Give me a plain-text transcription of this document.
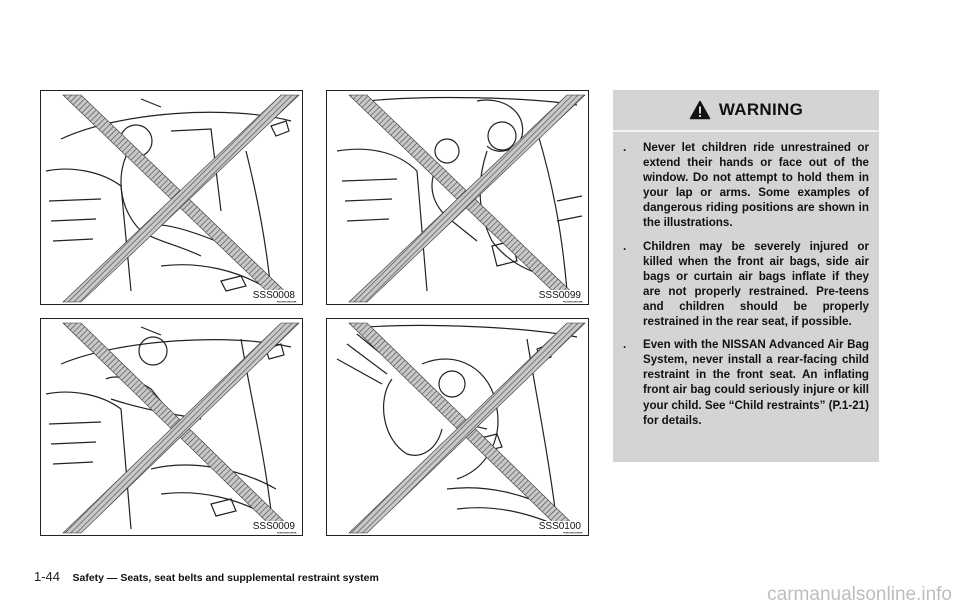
SSS0008	SSS0099
SSS0009	SSS0100
WARNING
. Never let children ride unrestrained or extend their hands or face out of the window. Do not attempt to hold them in your lap or arms. Some examples of dangerous riding positions are shown in the illustrations.
. Children may be severely injured or killed when the front air bags, side air bags or curtain air bags inflate if they are not properly restrained. Pre-teens and children should be properly restrained in the rear seat, if possible.
. Even with the NISSAN Advanced Air Bag System, never install a rear-facing child restraint in the front seat. An inflating front air bag could seriously injure or kill your child. See “Child restraints” (P.1-21) for details.
1-44 Safety — Seats, seat belts and supplemental restraint system
carmanualsonline.info
